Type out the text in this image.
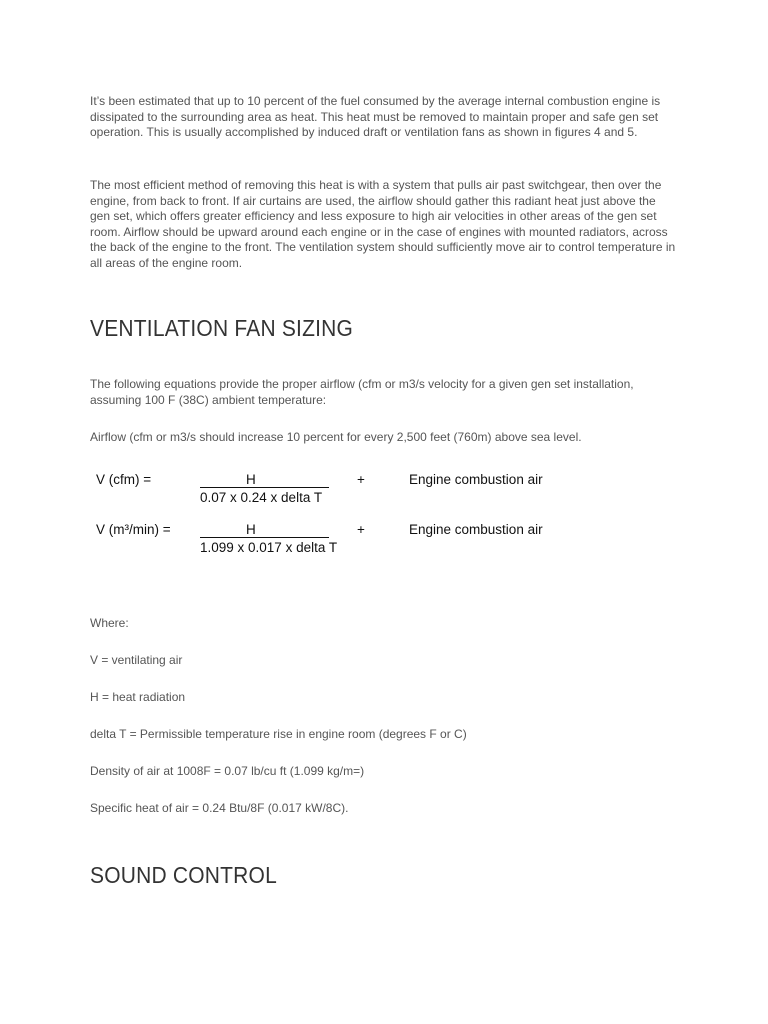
It’s been estimated that up to 10 percent of the fuel consumed by the average internal combustion engine is dissipated to the surrounding area as heat. This heat must be removed to maintain proper and safe gen set operation. This is usually accomplished by induced draft or ventilation fans as shown in figures 4 and 5.

The most efficient method of removing this heat is with a system that pulls air past switchgear, then over the engine, from back to front. If air curtains are used, the airflow should gather this radiant heat just above the gen set, which offers greater efficiency and less exposure to high air velocities in other areas of the gen set room. Airflow should be upward around each engine or in the case of engines with mounted radiators, across the back of the engine to the front. The ventilation system should sufficiently move air to control temperature in all areas of the engine room.

VENTILATION FAN SIZING

The following equations provide the proper airflow (cfm or m3/s velocity for a given gen set installation, assuming 100 F (38C) ambient temperature:

Airflow (cfm or m3/s should increase 10 percent for every 2,500 feet (760m) above sea level.

V (cfm) =	H
0.07 x 0.24 x delta T
+	Engine combustion air
V (m³/min) =	H
1.099 x 0.017 x delta T
+	Engine combustion air

Where:

V = ventilating air

H = heat radiation

delta T = Permissible temperature rise in engine room (degrees F or C)

Density of air at 1008F = 0.07 lb/cu ft (1.099 kg/m=)

Specific heat of air = 0.24 Btu/8F (0.017 kW/8C).

SOUND CONTROL
